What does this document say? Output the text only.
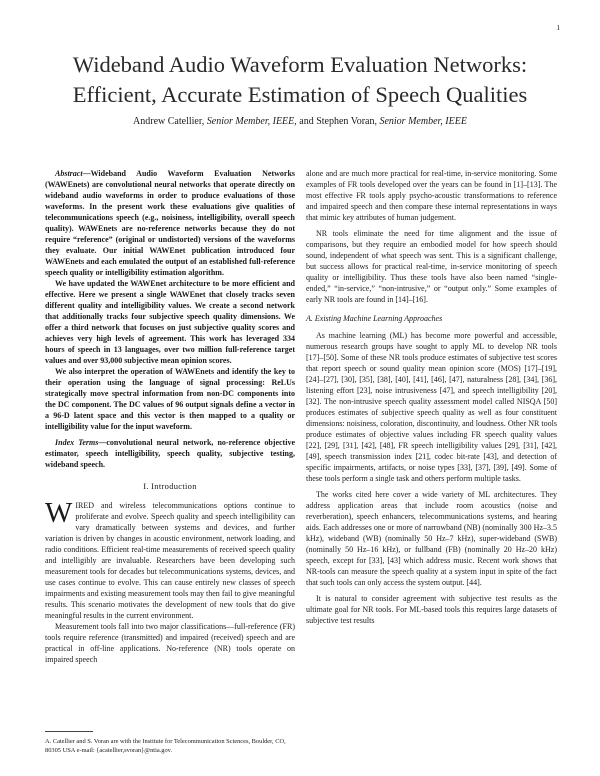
1
Wideband Audio Waveform Evaluation Networks:
Efficient, Accurate Estimation of Speech Qualities
Andrew Catellier, Senior Member, IEEE, and Stephen Voran, Senior Member, IEEE

Abstract—Wideband Audio Waveform Evaluation Networks (WAWEnets) are convolutional neural networks that operate directly on wideband audio waveforms in order to produce evaluations of those waveforms. In the present work these evaluations give qualities of telecommunications speech (e.g., noisiness, intelligibility, overall speech quality). WAWEnets are no-reference networks because they do not require “reference” (original or undistorted) versions of the waveforms they evaluate. Our initial WAWEnet publication introduced four WAWEnets and each emulated the output of an established full-reference speech quality or intelligibility estimation algorithm.

We have updated the WAWEnet architecture to be more efficient and effective. Here we present a single WAWEnet that closely tracks seven different quality and intelligibility values. We create a second network that additionally tracks four subjective speech quality dimensions. We offer a third network that focuses on just subjective quality scores and achieves very high levels of agreement. This work has leveraged 334 hours of speech in 13 languages, over two million full-reference target values and over 93,000 subjective mean opinion scores.

We also interpret the operation of WAWEnets and identify the key to their operation using the language of signal processing: ReLUs strategically move spectral information from non-DC components into the DC component. The DC values of 96 output signals define a vector in a 96-D latent space and this vector is then mapped to a quality or intelligibility value for the input waveform.

Index Terms—convolutional neural network, no-reference objective estimator, speech intelligibility, speech quality, subjective testing, wideband speech.

I. Introduction

WIRED and wireless telecommunications options continue to proliferate and evolve. Speech quality and speech intelligibility can vary dramatically between systems and devices, and further variation is driven by changes in acoustic environment, network loading, and radio conditions. Efficient real-time measurements of received speech quality and intelligibly are invaluable. Researchers have been developing such measurement tools for decades but telecommunications systems, devices, and use cases continue to evolve. This can cause entirely new classes of speech impairments and existing measurement tools may then fail to give meaningful results. This scenario motivates the development of new tools that do give meaningful results in the current environment.

Measurement tools fall into two major classifications—full-reference (FR) tools require reference (transmitted) and impaired (received) speech and are practical in off-line applications. No-reference (NR) tools operate on impaired speech

A. Catellier and S. Voran are with the Institute for Telecommunication Sciences, Boulder, CO, 80305 USA e-mail: {acatellier,svoran}@ntia.gov.

alone and are much more practical for real-time, in-service monitoring. Some examples of FR tools developed over the years can be found in [1]–[13]. The most effective FR tools apply psycho-acoustic transformations to reference and impaired speech and then compare these internal representations in ways that mimic key attributes of human judgement.

NR tools eliminate the need for time alignment and the issue of comparisons, but they require an embodied model for how speech should sound, independent of what speech was sent. This is a significant challenge, but success allows for practical real-time, in-service monitoring of speech quality or intelligibility. Thus these tools have also been named “single-ended,” “in-service,” “non-intrusive,” or “output only.” Some examples of early NR tools are found in [14]–[16].

A. Existing Machine Learning Approaches

As machine learning (ML) has become more powerful and accessible, numerous research groups have sought to apply ML to develop NR tools [17]–[50]. Some of these NR tools produce estimates of subjective test scores that report speech or sound quality mean opinion score (MOS) [17]–[19], [24]–[27], [30], [35], [38], [40], [41], [46], [47], naturalness [28], [34], [36], listening effort [23], noise intrusiveness [47], and speech intelligibility [20], [32]. The non-intrusive speech quality assessment model called NISQA [50] produces estimates of subjective speech quality as well as four constituent dimensions: noisiness, coloration, discontinuity, and loudness. Other NR tools produce estimates of objective values including FR speech quality values [22], [29], [31], [42], [48], FR speech intelligibility values [29], [31], [42], [49], speech transmission index [21], codec bit-rate [43], and detection of specific impairments, artifacts, or noise types [33], [37], [39], [49]. Some of these tools perform a single task and others perform multiple tasks.

The works cited here cover a wide variety of ML architectures. They address application areas that include room acoustics (noise and reverberation), speech enhancers, telecommunications systems, and hearing aids. Each addresses one or more of narrowband (NB) (nominally 300 Hz–3.5 kHz), wideband (WB) (nominally 50 Hz–7 kHz), super-wideband (SWB) (nominally 50 Hz–16 kHz), or fullband (FB) (nominally 20 Hz–20 kHz) speech, except for [33], [43] which address music. Recent work shows that NR-tools can measure the speech quality at a system input in spite of the fact that such tools can only access the system output. [44].

It is natural to consider agreement with subjective test results as the ultimate goal for NR tools. For ML-based tools this requires large datasets of subjective test results
